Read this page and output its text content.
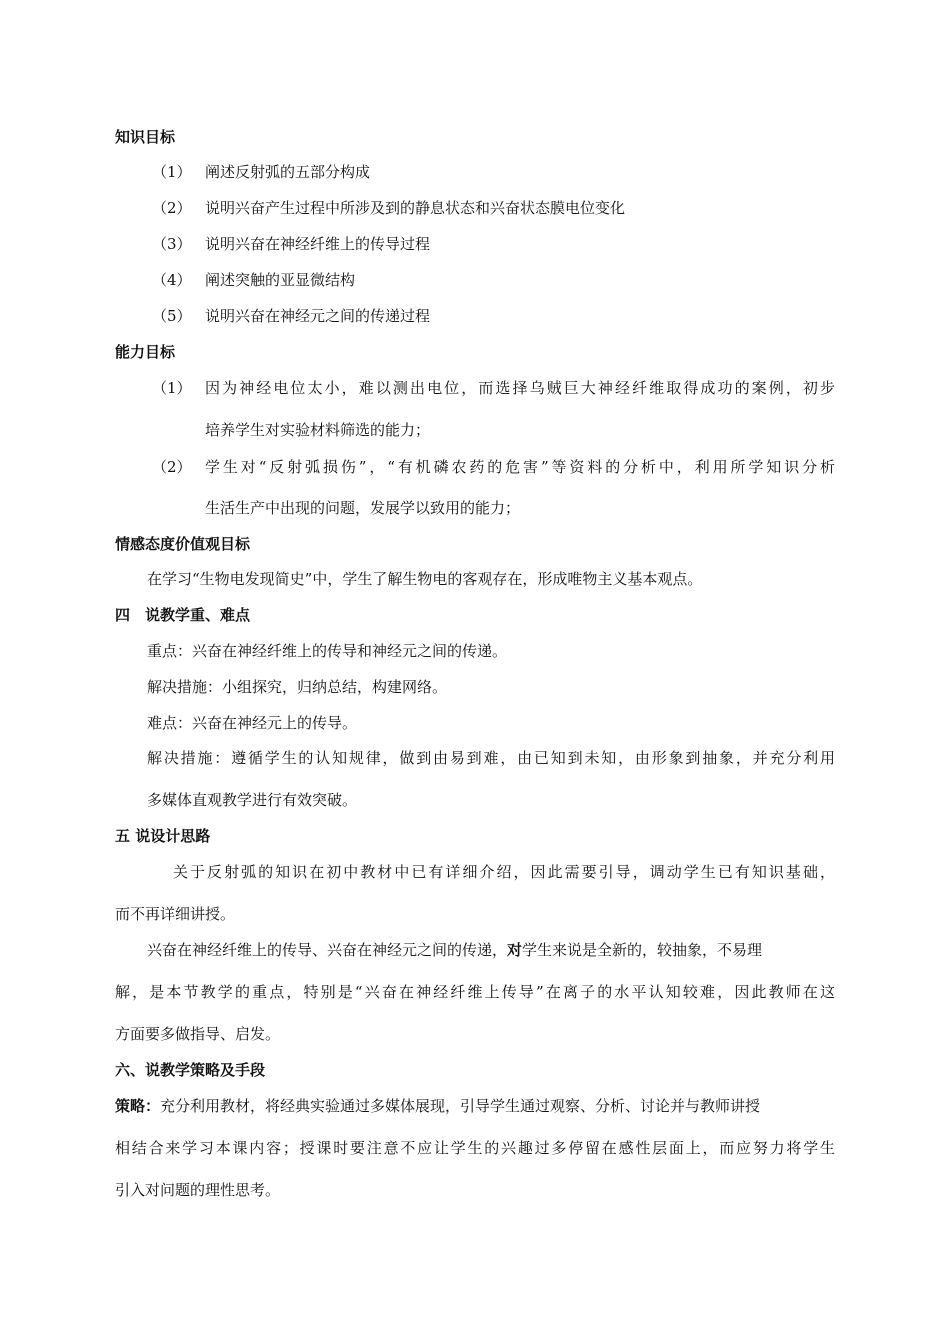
知识目标
（1） 阐述反射弧的五部分构成
（2） 说明兴奋产生过程中所涉及到的静息状态和兴奋状态膜电位变化
（3） 说明兴奋在神经纤维上的传导过程
（4） 阐述突触的亚显微结构
（5） 说明兴奋在神经元之间的传递过程
能力目标
（1） 因为神经电位太小，难以测出电位，而选择乌贼巨大神经纤维取得成功的案例，初步
培养学生对实验材料筛选的能力；
（2） 学生对“反射弧损伤”，“有机磷农药的危害”等资料的分析中，利用所学知识分析
生活生产中出现的问题，发展学以致用的能力；
情感态度价值观目标
在学习“生物电发现简史”中，学生了解生物电的客观存在，形成唯物主义基本观点。
四　说教学重、难点
重点：兴奋在神经纤维上的传导和神经元之间的传递。
解决措施：小组探究，归纳总结，构建网络。
难点：兴奋在神经元上的传导。
解决措施：遵循学生的认知规律，做到由易到难，由已知到未知，由形象到抽象，并充分利用
多媒体直观教学进行有效突破。
五 说设计思路
关于反射弧的知识在初中教材中已有详细介绍，因此需要引导，调动学生已有知识基础，
而不再详细讲授。
兴奋在神经纤维上的传导、兴奋在神经元之间的传递，对学生来说是全新的，较抽象，不易理
解，是本节教学的重点，特别是“兴奋在神经纤维上传导”在离子的水平认知较难，因此教师在这
方面要多做指导、启发。
六、说教学策略及手段
策略：充分利用教材，将经典实验通过多媒体展现，引导学生通过观察、分析、讨论并与教师讲授
相结合来学习本课内容；授课时要注意不应让学生的兴趣过多停留在感性层面上，而应努力将学生
引入对问题的理性思考。
